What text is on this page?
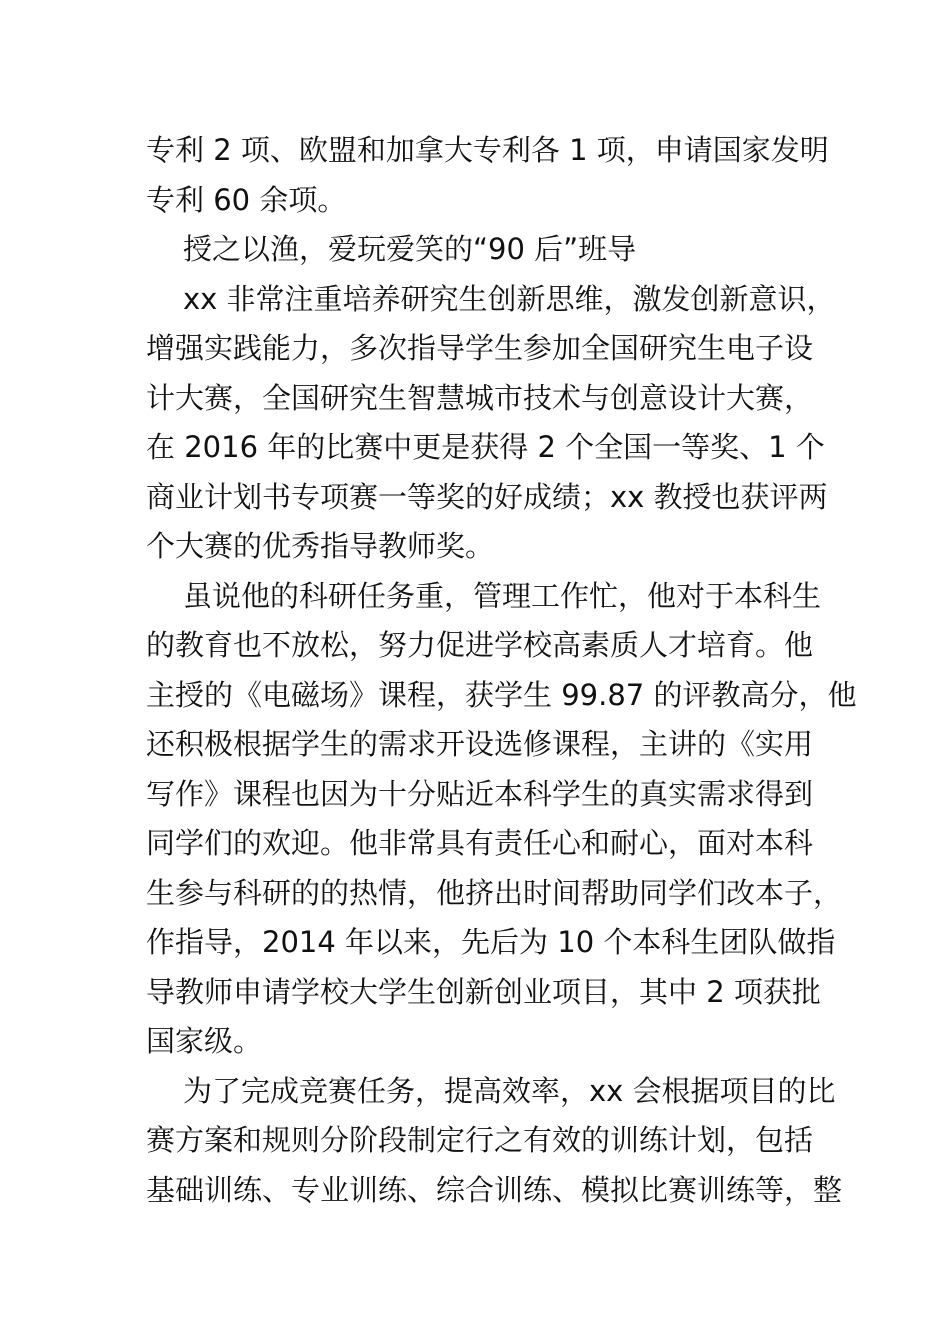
专利 2 项、欧盟和加拿大专利各 1 项，申请国家发明
专利 60 余项。
授之以渔，爱玩爱笑的“90 后”班导
xx 非常注重培养研究生创新思维，激发创新意识，
增强实践能力，多次指导学生参加全国研究生电子设
计大赛，全国研究生智慧城市技术与创意设计大赛，
在 2016 年的比赛中更是获得 2 个全国一等奖、1 个
商业计划书专项赛一等奖的好成绩；xx 教授也获评两
个大赛的优秀指导教师奖。
虽说他的科研任务重，管理工作忙，他对于本科生
的教育也不放松，努力促进学校高素质人才培育。他
主授的《电磁场》课程，获学生 99.87 的评教高分，他
还积极根据学生的需求开设选修课程，主讲的《实用
写作》课程也因为十分贴近本科学生的真实需求得到
同学们的欢迎。他非常具有责任心和耐心，面对本科
生参与科研的的热情，他挤出时间帮助同学们改本子，
作指导，2014 年以来，先后为 10 个本科生团队做指
导教师申请学校大学生创新创业项目，其中 2 项获批
国家级。
为了完成竞赛任务，提高效率，xx 会根据项目的比
赛方案和规则分阶段制定行之有效的训练计划，包括
基础训练、专业训练、综合训练、模拟比赛训练等，整
